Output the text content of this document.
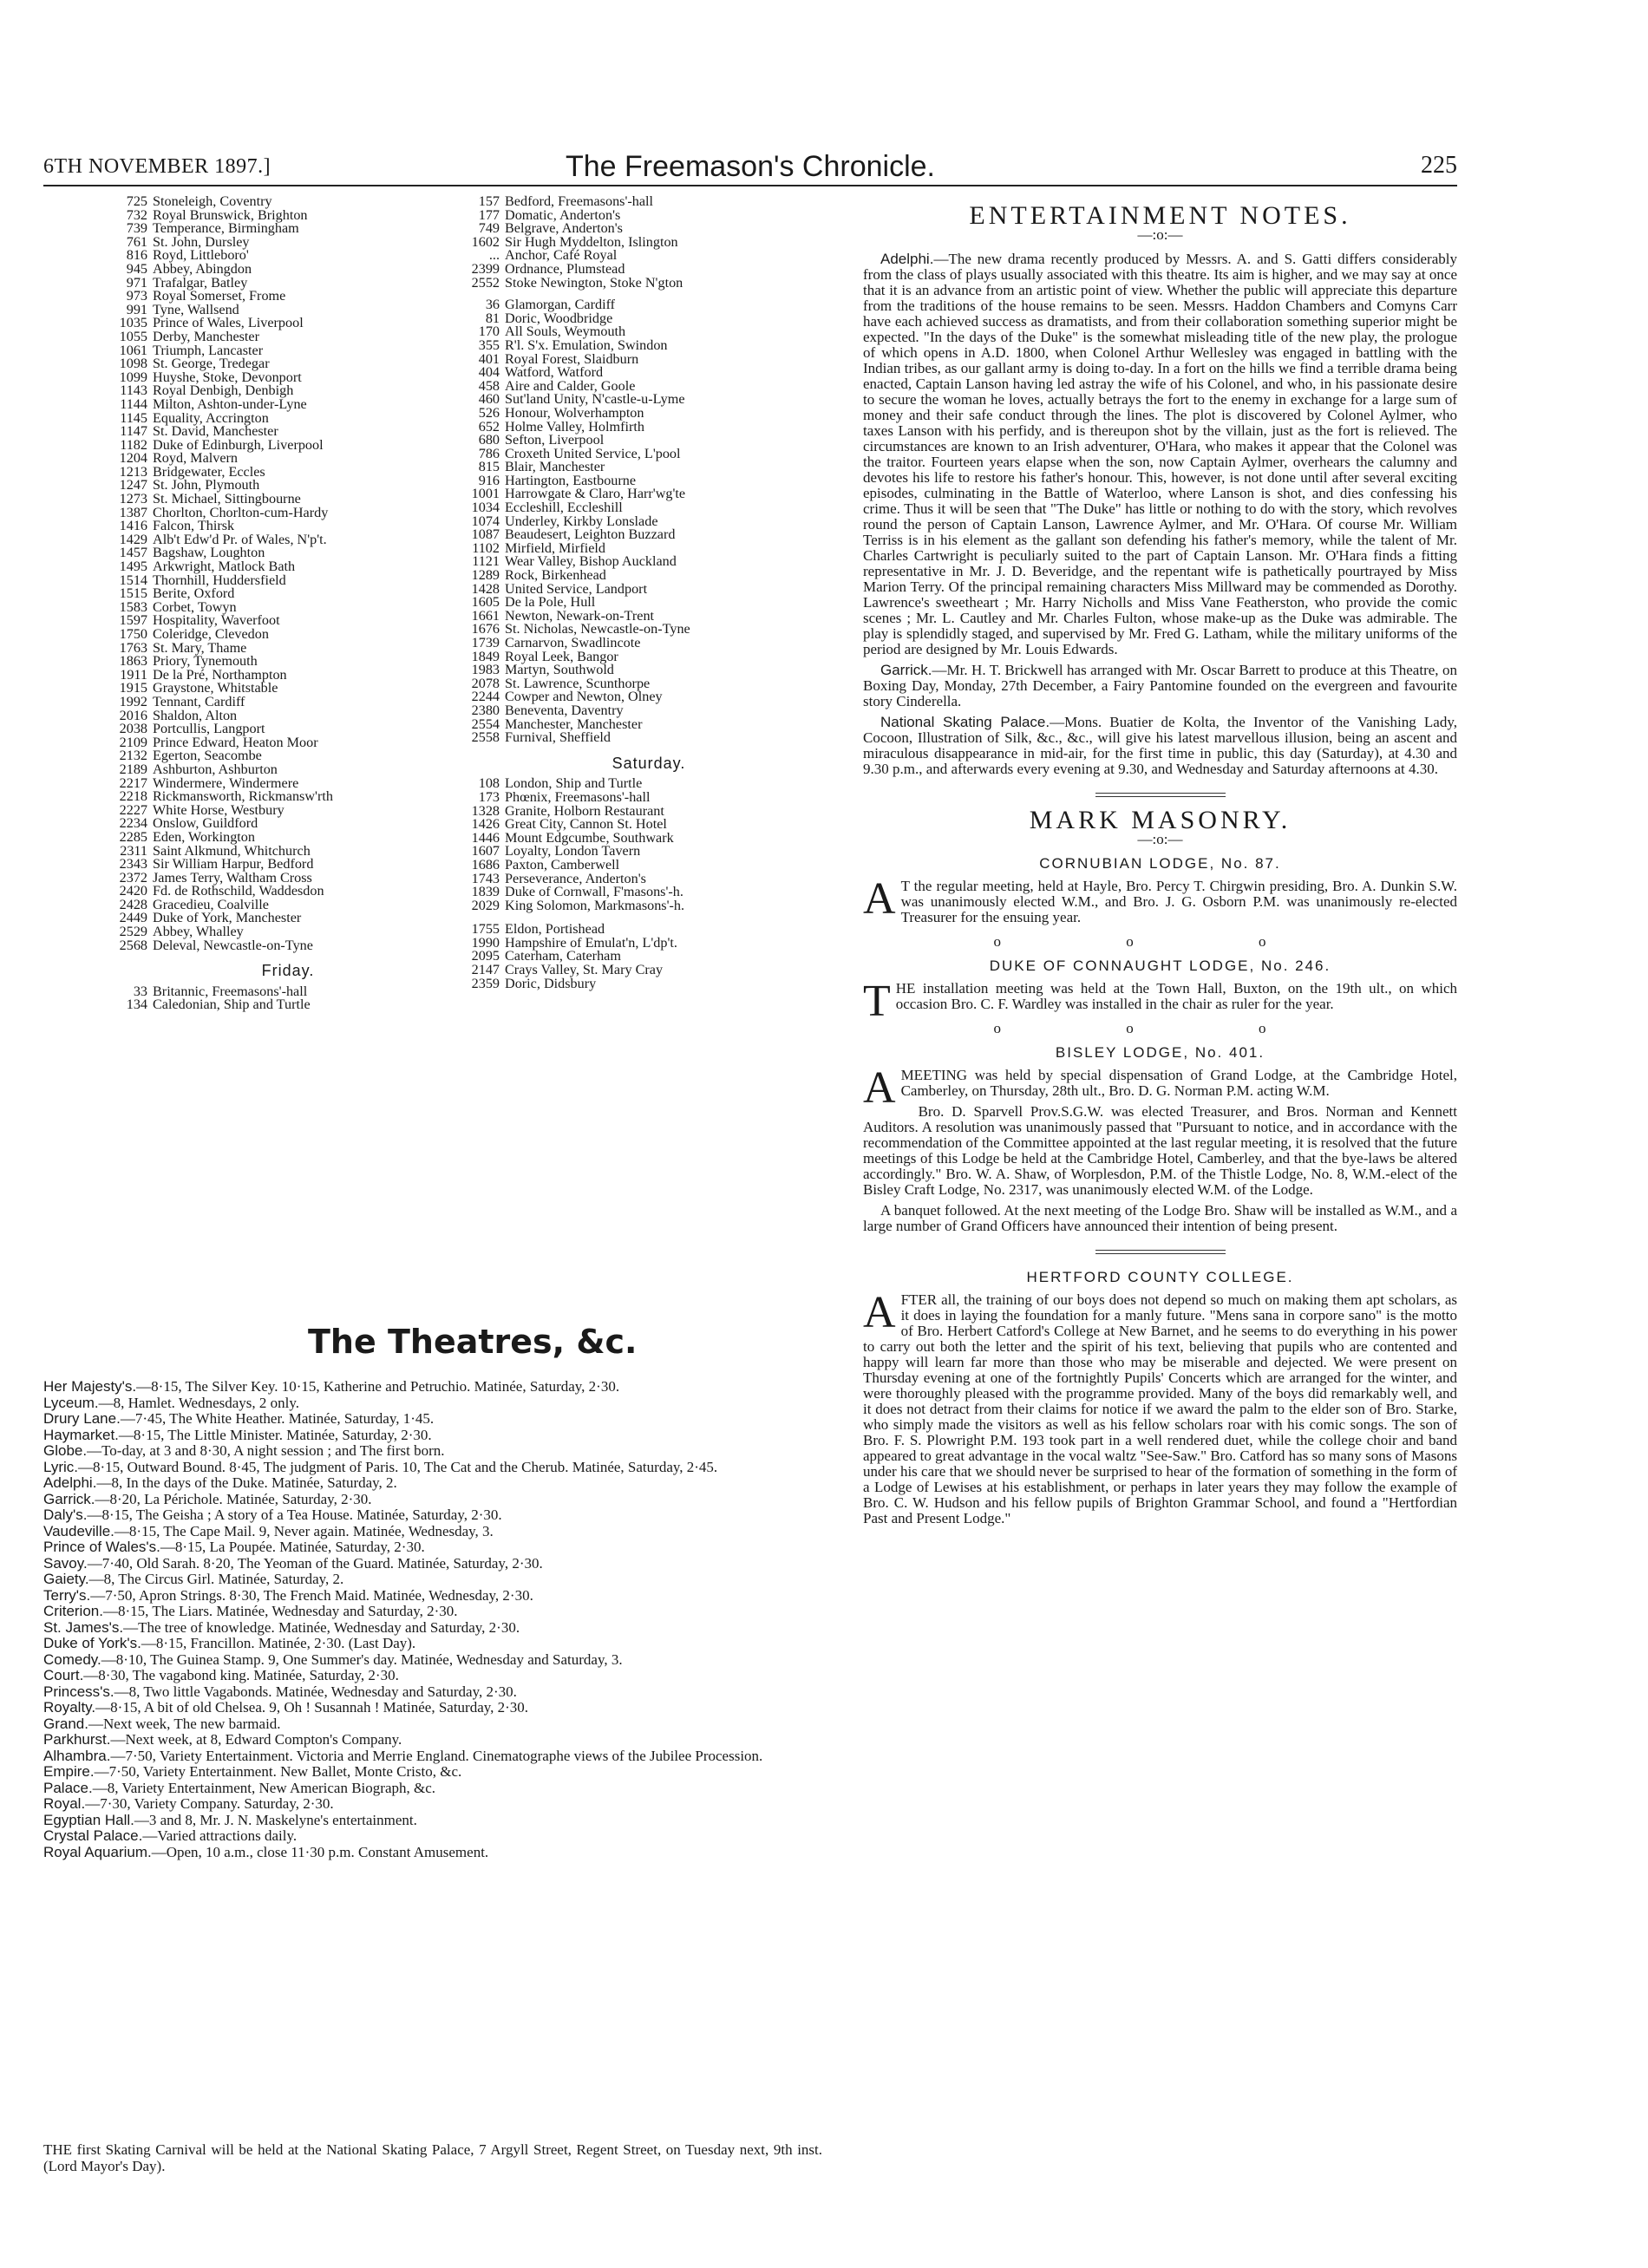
6TH NOVEMBER 1897.]	The Freemason's Chronicle.	225
725 Stoneleigh, Coventry
732 Royal Brunswick, Brighton
739 Temperance, Birmingham
761 St. John, Dursley
816 Royd, Littleboro'
945 Abbey, Abingdon
971 Trafalgar, Batley
973 Royal Somerset, Frome
991 Tyne, Wallsend
1035 Prince of Wales, Liverpool
1055 Derby, Manchester
1061 Triumph, Lancaster
1098 St. George, Tredegar
1099 Huyshe, Stoke, Devonport
1143 Royal Denbigh, Denbigh
1144 Milton, Ashton-under-Lyne
1145 Equality, Accrington
1147 St. David, Manchester
1182 Duke of Edinburgh, Liverpool
1204 Royd, Malvern
1213 Bridgewater, Eccles
1247 St. John, Plymouth
1273 St. Michael, Sittingbourne
1387 Chorlton, Chorlton-cum-Hardy
1416 Falcon, Thirsk
1429 Alb't Edw'd Pr. of Wales, N'p't.
1457 Bagshaw, Loughton
1495 Arkwright, Matlock Bath
1514 Thornhill, Huddersfield
1515 Berite, Oxford
1583 Corbet, Towyn
1597 Hospitality, Waverfoot
1750 Coleridge, Clevedon
1763 St. Mary, Thame
1863 Priory, Tynemouth
1911 De la Pré, Northampton
1915 Graystone, Whitstable
1992 Tennant, Cardiff
2016 Shaldon, Alton
2038 Portcullis, Langport
2109 Prince Edward, Heaton Moor
2132 Egerton, Seacombe
2189 Ashburton, Ashburton
2217 Windermere, Windermere
2218 Rickmansworth, Rickmansw'rth
2227 White Horse, Westbury
2234 Onslow, Guildford
2285 Eden, Workington
2311 Saint Alkmund, Whitchurch
2343 Sir William Harpur, Bedford
2372 James Terry, Waltham Cross
2420 Fd. de Rothschild, Waddesdon
2428 Gracedieu, Coalville
2449 Duke of York, Manchester
2529 Abbey, Whalley
2568 Deleval, Newcastle-on-Tyne
Friday.
33 Britannic, Freemasons'-hall
134 Caledonian, Ship and Turtle
157 Bedford, Freemasons'-hall
177 Domatic, Anderton's
749 Belgrave, Anderton's
1602 Sir Hugh Myddelton, Islington
... Anchor, Café Royal
2399 Ordnance, Plumstead
2552 Stoke Newington, Stoke N'gton
36 Glamorgan, Cardiff
81 Doric, Woodbridge
170 All Souls, Weymouth
355 R'l. S'x. Emulation, Swindon
401 Royal Forest, Slaidburn
404 Watford, Watford
458 Aire and Calder, Goole
460 Sut'land Unity, N'castle-u-Lyme
526 Honour, Wolverhampton
652 Holme Valley, Holmfirth
680 Sefton, Liverpool
786 Croxeth United Service, L'pool
815 Blair, Manchester
916 Hartington, Eastbourne
1001 Harrowgate & Claro, Harr'wg'te
1034 Eccleshill, Eccleshill
1074 Underley, Kirkby Lonslade
1087 Beaudesert, Leighton Buzzard
1102 Mirfield, Mirfield
1121 Wear Valley, Bishop Auckland
1289 Rock, Birkenhead
1428 United Service, Landport
1605 De la Pole, Hull
1661 Newton, Newark-on-Trent
1676 St. Nicholas, Newcastle-on-Tyne
1739 Carnarvon, Swadlincote
1849 Royal Leek, Bangor
1983 Martyn, Southwold
2078 St. Lawrence, Scunthorpe
2244 Cowper and Newton, Olney
2380 Beneventa, Daventry
2554 Manchester, Manchester
2558 Furnival, Sheffield
Saturday.
108 London, Ship and Turtle
173 Phœnix, Freemasons'-hall
1328 Granite, Holborn Restaurant
1426 Great City, Cannon St. Hotel
1446 Mount Edgcumbe, Southwark
1607 Loyalty, London Tavern
1686 Paxton, Camberwell
1743 Perseverance, Anderton's
1839 Duke of Cornwall, F'masons'-h.
2029 King Solomon, Markmasons'-h.
1755 Eldon, Portishead
1990 Hampshire of Emulat'n, L'dp't.
2095 Caterham, Caterham
2147 Crays Valley, St. Mary Cray
2359 Doric, Didsbury
The Theatres, &c.

Her Majesty's.—8·15, The Silver Key. 10·15, Katherine and Petruchio. Matinée, Saturday, 2·30.

Lyceum.—8, Hamlet. Wednesdays, 2 only.

Drury Lane.—7·45, The White Heather. Matinée, Saturday, 1·45.

Haymarket.—8·15, The Little Minister. Matinée, Saturday, 2·30.

Globe.—To-day, at 3 and 8·30, A night session ; and The first born.

Lyric.—8·15, Outward Bound. 8·45, The judgment of Paris. 10, The Cat and the Cherub. Matinée, Saturday, 2·45.

Adelphi.—8, In the days of the Duke. Matinée, Saturday, 2.

Garrick.—8·20, La Périchole. Matinée, Saturday, 2·30.

Daly's.—8·15, The Geisha ; A story of a Tea House. Matinée, Saturday, 2·30.

Vaudeville.—8·15, The Cape Mail. 9, Never again. Matinée, Wednesday, 3.

Prince of Wales's.—8·15, La Poupée. Matinée, Saturday, 2·30.

Savoy.—7·40, Old Sarah. 8·20, The Yeoman of the Guard. Matinée, Saturday, 2·30.

Gaiety.—8, The Circus Girl. Matinée, Saturday, 2.

Terry's.—7·50, Apron Strings. 8·30, The French Maid. Matinée, Wednesday, 2·30.

Criterion.—8·15, The Liars. Matinée, Wednesday and Saturday, 2·30.

St. James's.—The tree of knowledge. Matinée, Wednesday and Saturday, 2·30.

Duke of York's.—8·15, Francillon. Matinée, 2·30. (Last Day).

Comedy.—8·10, The Guinea Stamp. 9, One Summer's day. Matinée, Wednesday and Saturday, 3.

Court.—8·30, The vagabond king. Matinée, Saturday, 2·30.

Princess's.—8, Two little Vagabonds. Matinée, Wednesday and Saturday, 2·30.

Royalty.—8·15, A bit of old Chelsea. 9, Oh ! Susannah ! Matinée, Saturday, 2·30.

Grand.—Next week, The new barmaid.

Parkhurst.—Next week, at 8, Edward Compton's Company.

Alhambra.—7·50, Variety Entertainment. Victoria and Merrie England. Cinematographe views of the Jubilee Procession.

Empire.—7·50, Variety Entertainment. New Ballet, Monte Cristo, &c.

Palace.—8, Variety Entertainment, New American Biograph, &c.

Royal.—7·30, Variety Company. Saturday, 2·30.

Egyptian Hall.—3 and 8, Mr. J. N. Maskelyne's entertainment.

Crystal Palace.—Varied attractions daily.

Royal Aquarium.—Open, 10 a.m., close 11·30 p.m. Constant Amusement.

THE first Skating Carnival will be held at the National Skating Palace, 7 Argyll Street, Regent Street, on Tuesday next, 9th inst. (Lord Mayor's Day).
ENTERTAINMENT NOTES.
—:o:—

Adelphi.—The new drama recently produced by Messrs. A. and S. Gatti differs considerably from the class of plays usually associated with this theatre. Its aim is higher, and we may say at once that it is an advance from an artistic point of view. Whether the public will appreciate this departure from the traditions of the house remains to be seen. Messrs. Haddon Chambers and Comyns Carr have each achieved success as dramatists, and from their collaboration something superior might be expected. "In the days of the Duke" is the somewhat misleading title of the new play, the prologue of which opens in A.D. 1800, when Colonel Arthur Wellesley was engaged in battling with the Indian tribes, as our gallant army is doing to-day. In a fort on the hills we find a terrible drama being enacted, Captain Lanson having led astray the wife of his Colonel, and who, in his passionate desire to secure the woman he loves, actually betrays the fort to the enemy in exchange for a large sum of money and their safe conduct through the lines. The plot is discovered by Colonel Aylmer, who taxes Lanson with his perfidy, and is thereupon shot by the villain, just as the fort is relieved. The circumstances are known to an Irish adventurer, O'Hara, who makes it appear that the Colonel was the traitor. Fourteen years elapse when the son, now Captain Aylmer, overhears the calumny and devotes his life to restore his father's honour. This, however, is not done until after several exciting episodes, culminating in the Battle of Waterloo, where Lanson is shot, and dies confessing his crime. Thus it will be seen that "The Duke" has little or nothing to do with the story, which revolves round the person of Captain Lanson, Lawrence Aylmer, and Mr. O'Hara. Of course Mr. William Terriss is in his element as the gallant son defending his father's memory, while the talent of Mr. Charles Cartwright is peculiarly suited to the part of Captain Lanson. Mr. O'Hara finds a fitting representative in Mr. J. D. Beveridge, and the repentant wife is pathetically pourtrayed by Miss Marion Terry. Of the principal remaining characters Miss Millward may be commended as Dorothy. Lawrence's sweetheart ; Mr. Harry Nicholls and Miss Vane Featherston, who provide the comic scenes ; Mr. L. Cautley and Mr. Charles Fulton, whose make-up as the Duke was admirable. The play is splendidly staged, and supervised by Mr. Fred G. Latham, while the military uniforms of the period are designed by Mr. Louis Edwards.

Garrick.—Mr. H. T. Brickwell has arranged with Mr. Oscar Barrett to produce at this Theatre, on Boxing Day, Monday, 27th December, a Fairy Pantomine founded on the evergreen and favourite story Cinderella.

National Skating Palace.—Mons. Buatier de Kolta, the Inventor of the Vanishing Lady, Cocoon, Illustration of Silk, &c., &c., will give his latest marvellous illusion, being an ascent and miraculous disappearance in mid-air, for the first time in public, this day (Saturday), at 4.30 and 9.30 p.m., and afterwards every evening at 9.30, and Wednesday and Saturday afternoons at 4.30.

MARK MASONRY.
—:o:—
CORNUBIAN LODGE, No. 87.

A T the regular meeting, held at Hayle, Bro. Percy T. Chirgwin presiding, Bro. A. Dunkin S.W. was unanimously elected W.M., and Bro. J. G. Osborn P.M. was unanimously re-elected Treasurer for the ensuing year.

o o o
DUKE OF CONNAUGHT LODGE, No. 246.

THE installation meeting was held at the Town Hall, Buxton, on the 19th ult., on which occasion Bro. C. F. Wardley was installed in the chair as ruler for the year.

o o o
BISLEY LODGE, No. 401.

AMEETING was held by special dispensation of Grand Lodge, at the Cambridge Hotel, Camberley, on Thursday, 28th ult., Bro. D. G. Norman P.M. acting W.M.

Bro. D. Sparvell Prov.S.G.W. was elected Treasurer, and Bros. Norman and Kennett Auditors. A resolution was unanimously passed that "Pursuant to notice, and in accordance with the recommendation of the Committee appointed at the last regular meeting, it is resolved that the future meetings of this Lodge be held at the Cambridge Hotel, Camberley, and that the bye-laws be altered accordingly." Bro. W. A. Shaw, of Worplesdon, P.M. of the Thistle Lodge, No. 8, W.M.-elect of the Bisley Craft Lodge, No. 2317, was unanimously elected W.M. of the Lodge.

A banquet followed. At the next meeting of the Lodge Bro. Shaw will be installed as W.M., and a large number of Grand Officers have announced their intention of being present.

HERTFORD COUNTY COLLEGE.

AFTER all, the training of our boys does not depend so much on making them apt scholars, as it does in laying the foundation for a manly future. "Mens sana in corpore sano" is the motto of Bro. Herbert Catford's College at New Barnet, and he seems to do everything in his power to carry out both the letter and the spirit of his text, believing that pupils who are contented and happy will learn far more than those who may be miserable and dejected. We were present on Thursday evening at one of the fortnightly Pupils' Concerts which are arranged for the winter, and were thoroughly pleased with the programme provided. Many of the boys did remarkably well, and it does not detract from their claims for notice if we award the palm to the elder son of Bro. Starke, who simply made the visitors as well as his fellow scholars roar with his comic songs. The son of Bro. F. S. Plowright P.M. 193 took part in a well rendered duet, while the college choir and band appeared to great advantage in the vocal waltz "See-Saw." Bro. Catford has so many sons of Masons under his care that we should never be surprised to hear of the formation of something in the form of a Lodge of Lewises at his establishment, or perhaps in later years they may follow the example of Bro. C. W. Hudson and his fellow pupils of Brighton Grammar School, and found a "Hertfordian Past and Present Lodge."
